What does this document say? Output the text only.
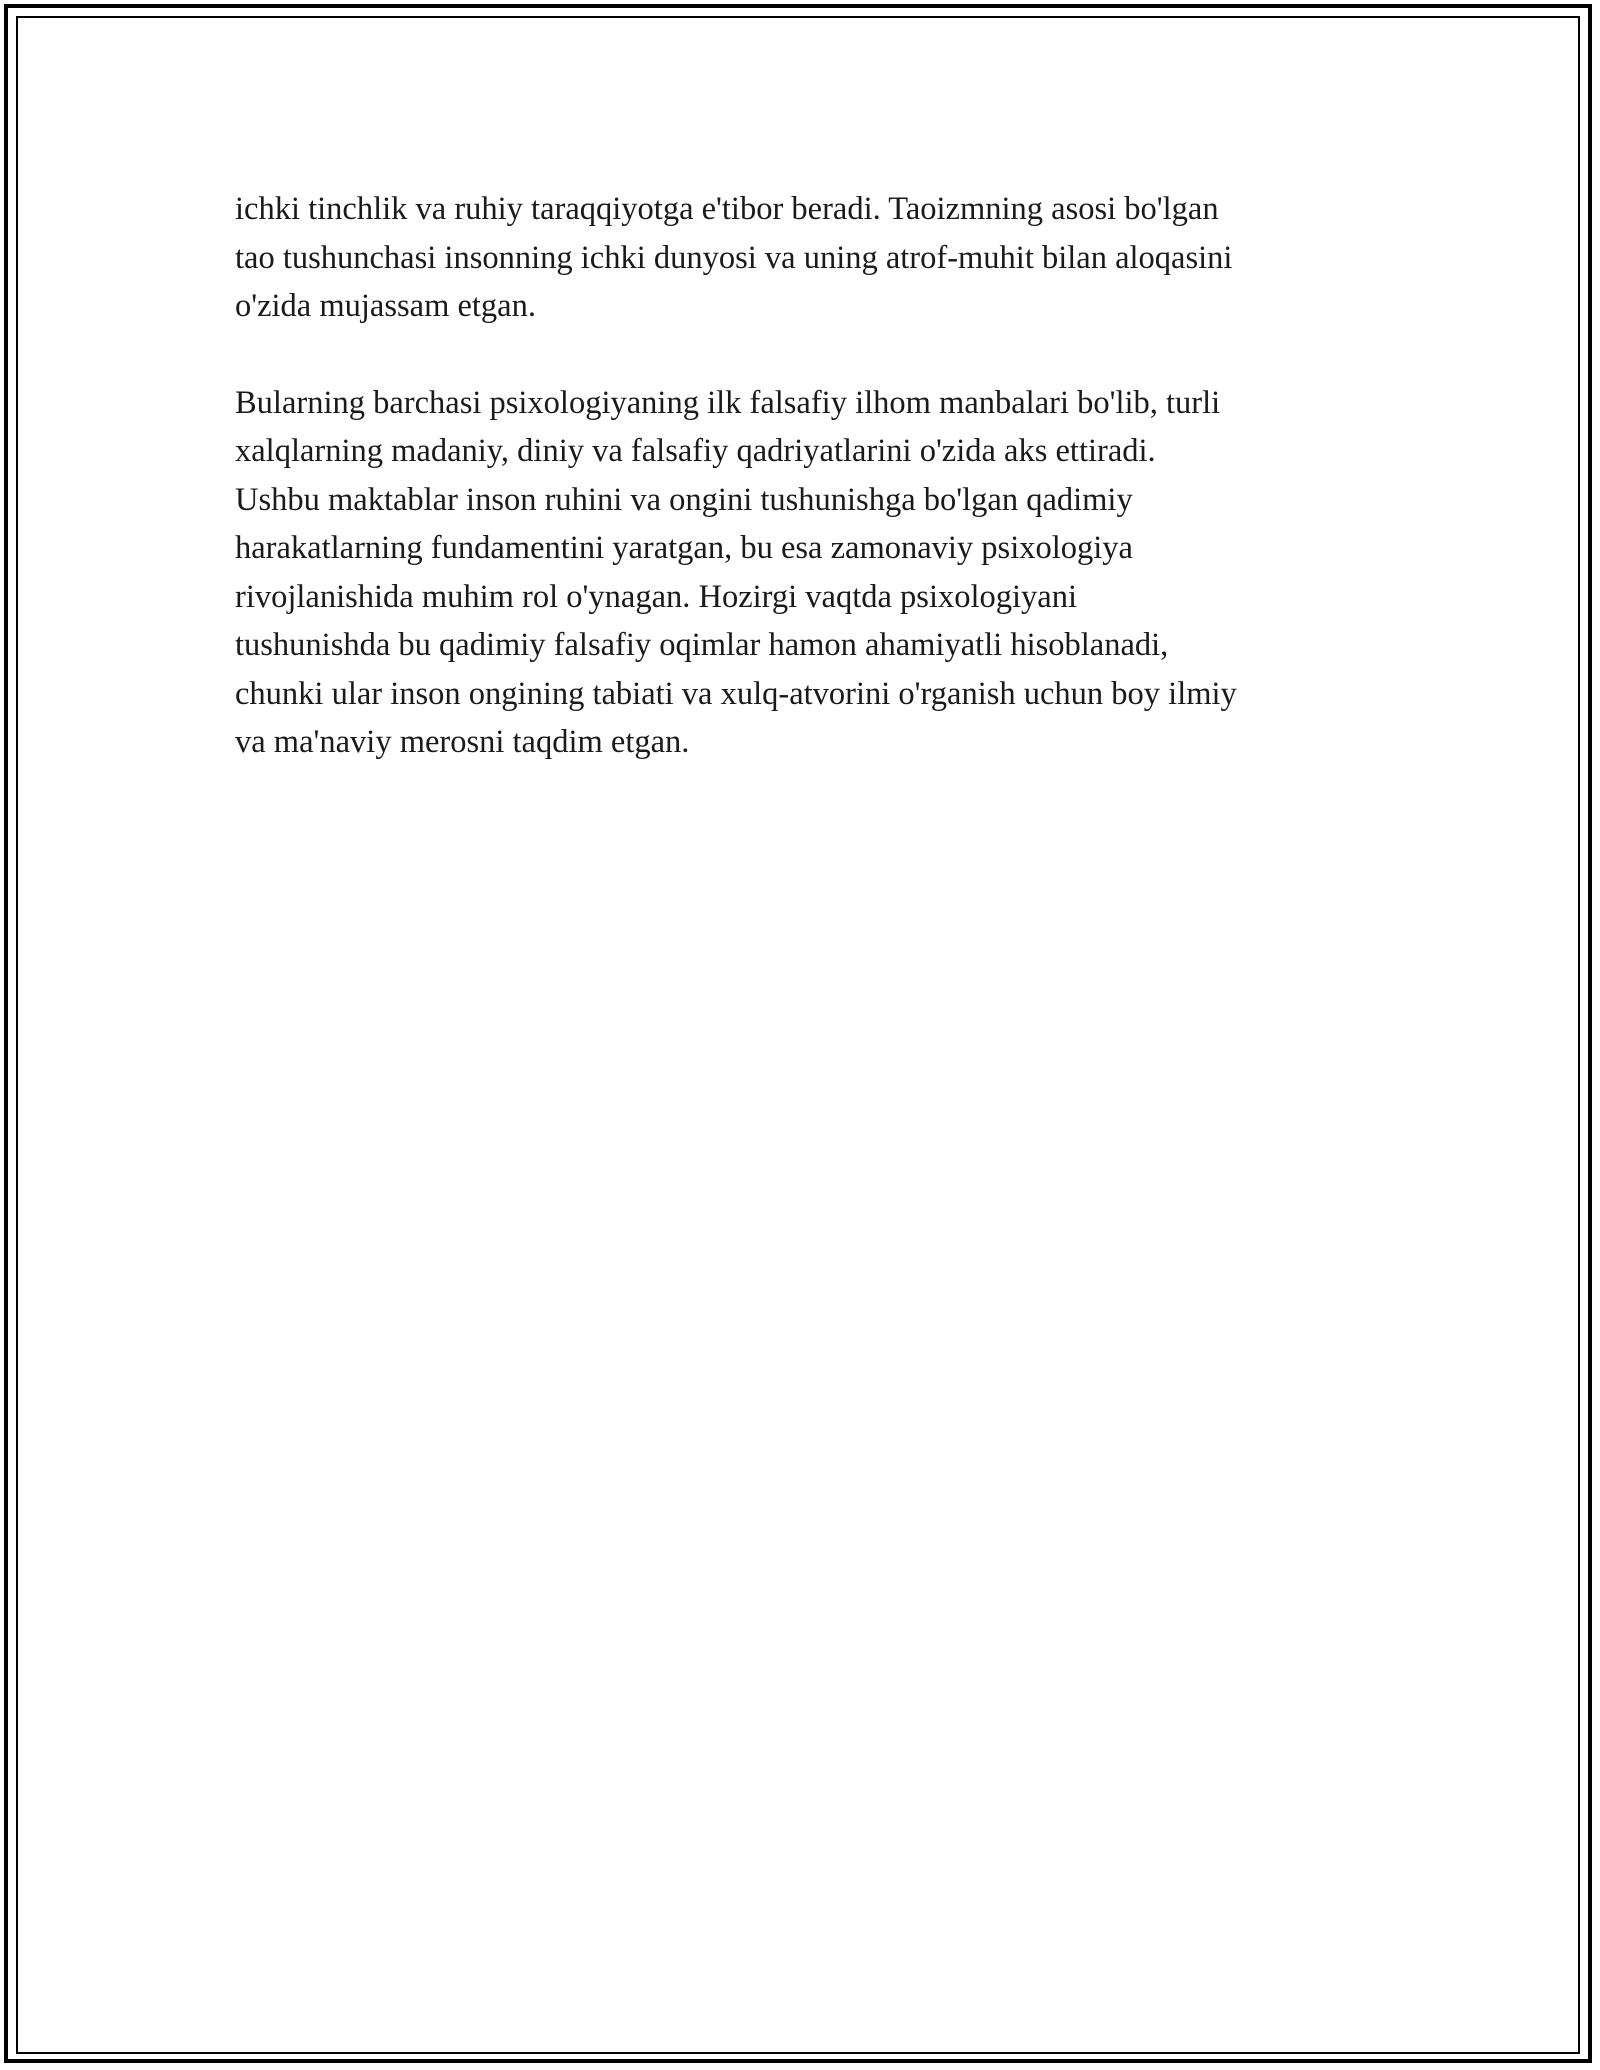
ichki tinchlik va ruhiy taraqqiyotga e'tibor beradi. Taoizmning asosi bo'lgan
tao tushunchasi insonning ichki dunyosi va uning atrof-muhit bilan aloqasini
o'zida mujassam etgan.

Bularning barchasi psixologiyaning ilk falsafiy ilhom manbalari bo'lib, turli
xalqlarning madaniy, diniy va falsafiy qadriyatlarini o'zida aks ettiradi.
Ushbu maktablar inson ruhini va ongini tushunishga bo'lgan qadimiy
harakatlarning fundamentini yaratgan, bu esa zamonaviy psixologiya
rivojlanishida muhim rol o'ynagan. Hozirgi vaqtda psixologiyani
tushunishda bu qadimiy falsafiy oqimlar hamon ahamiyatli hisoblanadi,
chunki ular inson ongining tabiati va xulq-atvorini o'rganish uchun boy ilmiy
va ma'naviy merosni taqdim etgan.
